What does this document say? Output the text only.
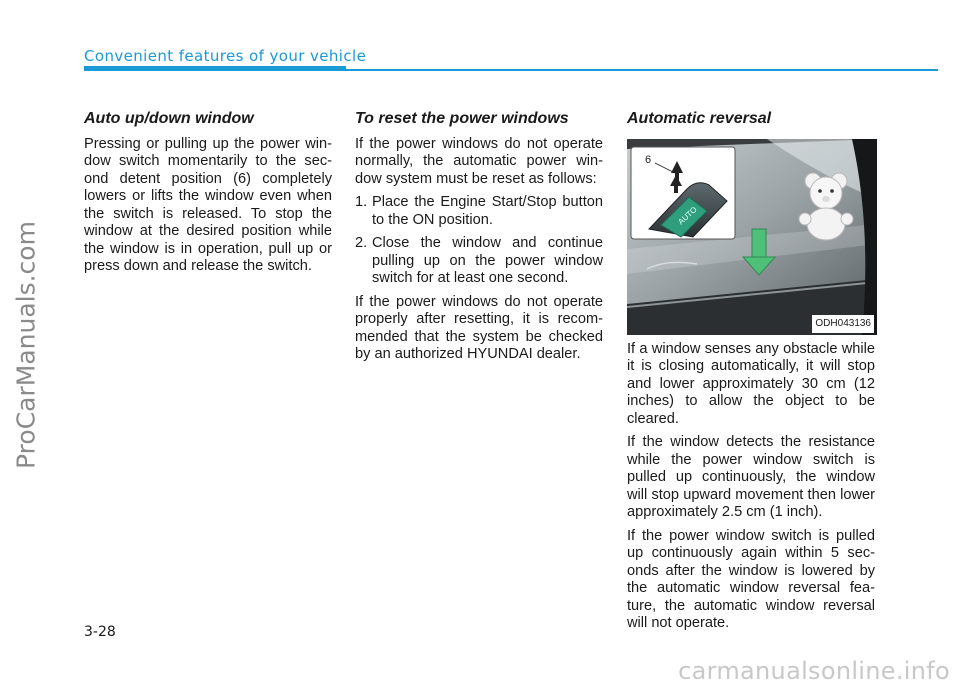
ProCarManuals.com
Convenient features of your vehicle
Auto up/down window

Pressing or pulling up the power win-dow switch momentarily to the sec-ond detent position (6) completely lowers or lifts the window even when the switch is released. To stop the window at the desired position while the window is in operation, pull up or press down and release the switch.

To reset the power windows

If the power windows do not operate normally, the automatic power win-dow system must be reset as follows:

1. Place the Engine Start/Stop button to the ON position.
2. Close the window and continue pulling up on the power window switch for at least one second.

If the power windows do not operate properly after resetting, it is recom-mended that the system be checked by an authorized HYUNDAI dealer.

Automatic reversal
6
AUTO
ODH043136

If a window senses any obstacle while it is closing automatically, it will stop and lower approximately 30 cm (12 inches) to allow the object to be cleared.

If the window detects the resistance while the power window switch is pulled up continuously, the window will stop upward movement then lower approximately 2.5 cm (1 inch).

If the power window switch is pulled up continuously again within 5 sec-onds after the window is lowered by the automatic window reversal fea-ture, the automatic window reversal will not operate.

3-28
carmanualsonline.info
